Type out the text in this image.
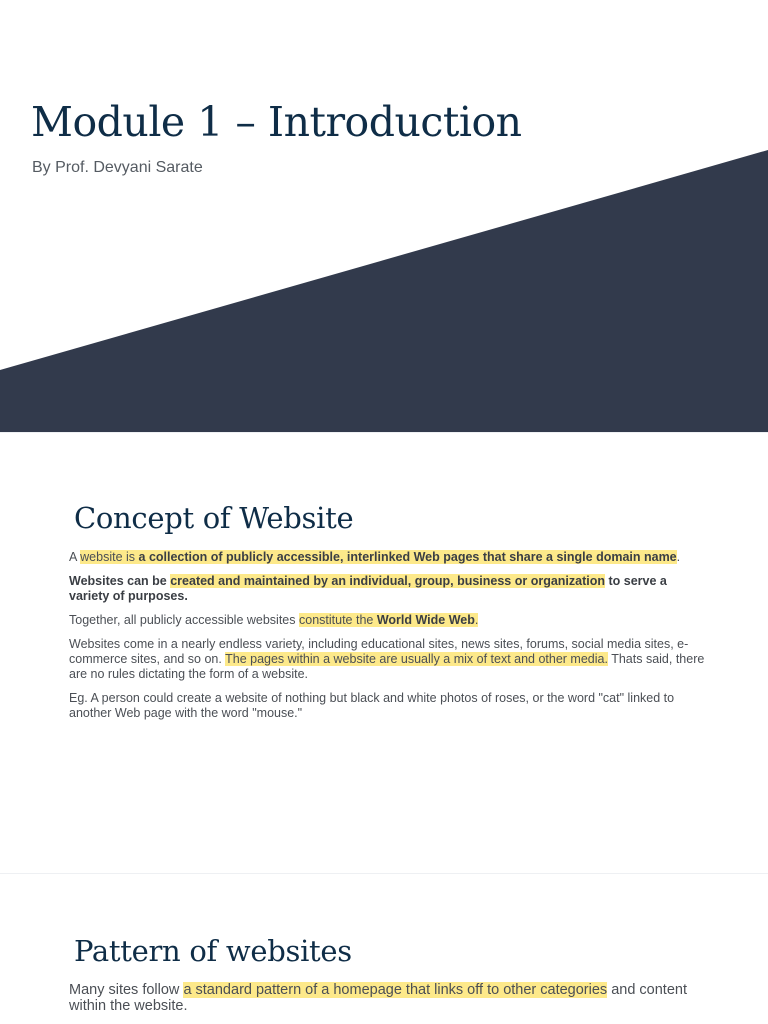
Module 1 – Introduction
By Prof. Devyani Sarate
Concept of Website

A website is a collection of publicly accessible, interlinked Web pages that share a single domain name.

Websites can be created and maintained by an individual, group, business or organization to serve a variety of purposes.

Together, all publicly accessible websites constitute the World Wide Web.

Websites come in a nearly endless variety, including educational sites, news sites, forums, social media sites, e-commerce sites, and so on. The pages within a website are usually a mix of text and other media. Thats said, there are no rules dictating the form of a website.

Eg. A person could create a website of nothing but black and white photos of roses, or the word "cat" linked to another Web page with the word "mouse."

Pattern of websites

Many sites follow a standard pattern of a homepage that links off to other categories and content within the website.
